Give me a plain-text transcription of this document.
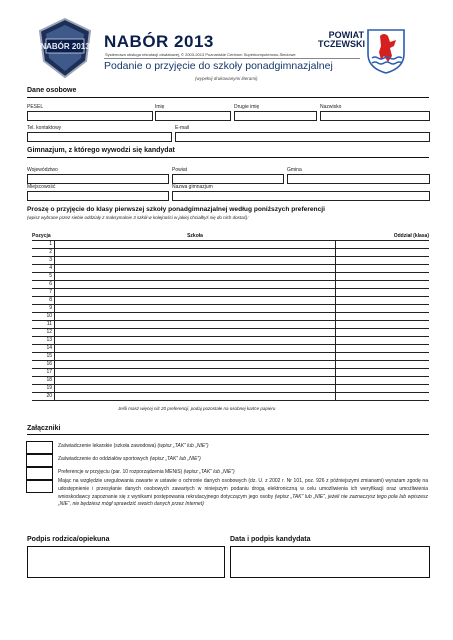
NABÓR 2013 NABÓR 2013
Systemowa obsługa rekrutacji oświatowej, © 2003-2013 Poznańskie Centrum Superkomputerowo-Sieciowe
Podanie o przyjęcie do szkoły ponadgimnazjalnej
POWIAT
TCZEWSKI
(wypełnij drukowanymi literami)
Dane osobowe
PESEL	Imię	Drugie imię	Nazwisko
Tel. kontaktowy	E-mail
Gimnazjum, z którego wywodzi się kandydat
Województwo	Powiat	Gmina
Miejscowość	Nazwa gimnazjum
Proszę o przyjęcie do klasy pierwszej szkoły ponadgimnazjalnej według poniższych preferencji
(wpisz wybrane przez siebie oddziały z maksymalnie 3 szkół w kolejności w jakiej chciałbyś się do nich dostać):
Pozycja	Szkoła	Oddział (klasa)
1		
2		
3		
4		
5		
6		
7		
8		
9		
10		
11		
12		
13		
14		
15		
16		
17		
18		
19		
20		
Jeśli masz więcej niż 20 preferencji, podaj pozostałe na osobnej kartce papieru
Załączniki
Zaświadczenie lekarskie (szkoła zawodowa) (wpisz „TAK” lub „NIE”)
Zaświadczenie do oddziałów sportowych (wpisz „TAK” lub „NIE”)
Preferencje w przyjęciu (par. 10 rozporządzenia MENiS) (wpisz „TAK” lub „NIE”)
Mając na względzie uregulowania zawarte w ustawie o ochronie danych osobowych (dz. U. z 2002 r. Nr 101, poz. 926 z późniejszymi zmianami) wyrażam zgodę na udostępnienie i przesyłanie danych osobowych zawartych w niniejszym podaniu drogą elektroniczną w celu umożliwienia ich weryfikacji oraz umożliwienia wnioskodawcy zapoznanie się z wynikami postępowania rekrutacyjnego dotyczącym jego osoby (wpisz „TAK” lub „NIE”, jeżeli nie zaznaczysz tego pola lub wpiszesz „NIE”, nie będziesz mógł sprawdzić swoich danych przez Internet)
Podpis rodzica/opiekuna	Data i podpis kandydata
